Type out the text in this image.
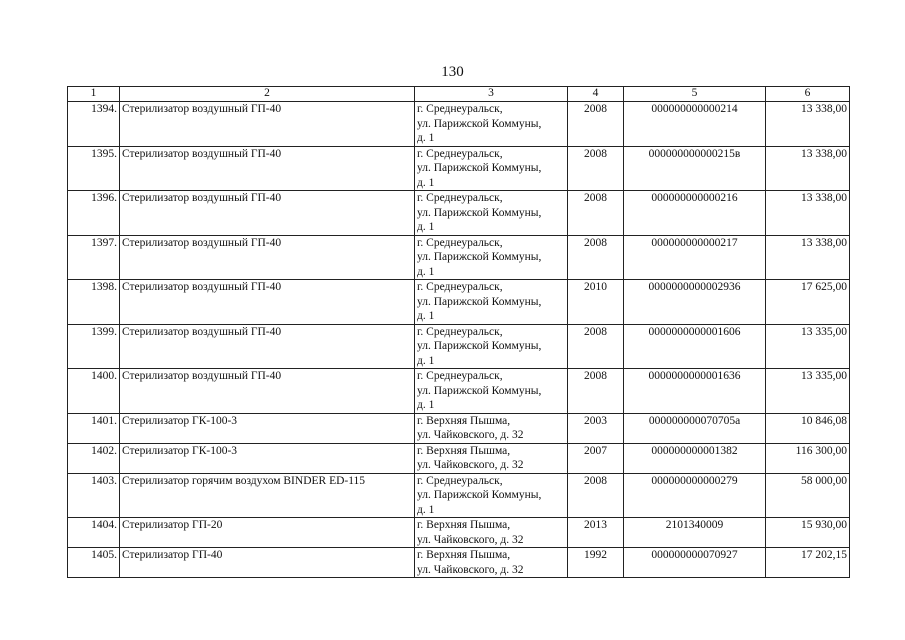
130
1	2	3	4	5	6
1394.	Стерилизатор воздушный ГП-40	г. Среднеуральск,
ул. Парижской Коммуны,
д. 1	2008	000000000000214	13 338,00
1395.	Стерилизатор воздушный ГП-40	г. Среднеуральск,
ул. Парижской Коммуны,
д. 1	2008	000000000000215в	13 338,00
1396.	Стерилизатор воздушный ГП-40	г. Среднеуральск,
ул. Парижской Коммуны,
д. 1	2008	000000000000216	13 338,00
1397.	Стерилизатор воздушный ГП-40	г. Среднеуральск,
ул. Парижской Коммуны,
д. 1	2008	000000000000217	13 338,00
1398.	Стерилизатор воздушный ГП-40	г. Среднеуральск,
ул. Парижской Коммуны,
д. 1	2010	0000000000002936	17 625,00
1399.	Стерилизатор воздушный ГП-40	г. Среднеуральск,
ул. Парижской Коммуны,
д. 1	2008	0000000000001606	13 335,00
1400.	Стерилизатор воздушный ГП-40	г. Среднеуральск,
ул. Парижской Коммуны,
д. 1	2008	0000000000001636	13 335,00
1401.	Стерилизатор ГК-100-3	г. Верхняя Пышма,
ул. Чайковского, д. 32	2003	000000000070705а	10 846,08
1402.	Стерилизатор ГК-100-3	г. Верхняя Пышма,
ул. Чайковского, д. 32	2007	000000000001382	116 300,00
1403.	Стерилизатор горячим воздухом BINDER ED-115	г. Среднеуральск,
ул. Парижской Коммуны,
д. 1	2008	000000000000279	58 000,00
1404.	Стерилизатор ГП-20	г. Верхняя Пышма,
ул. Чайковского, д. 32	2013	2101340009	15 930,00
1405.	Стерилизатор ГП-40	г. Верхняя Пышма,
ул. Чайковского, д. 32	1992	000000000070927	17 202,15
